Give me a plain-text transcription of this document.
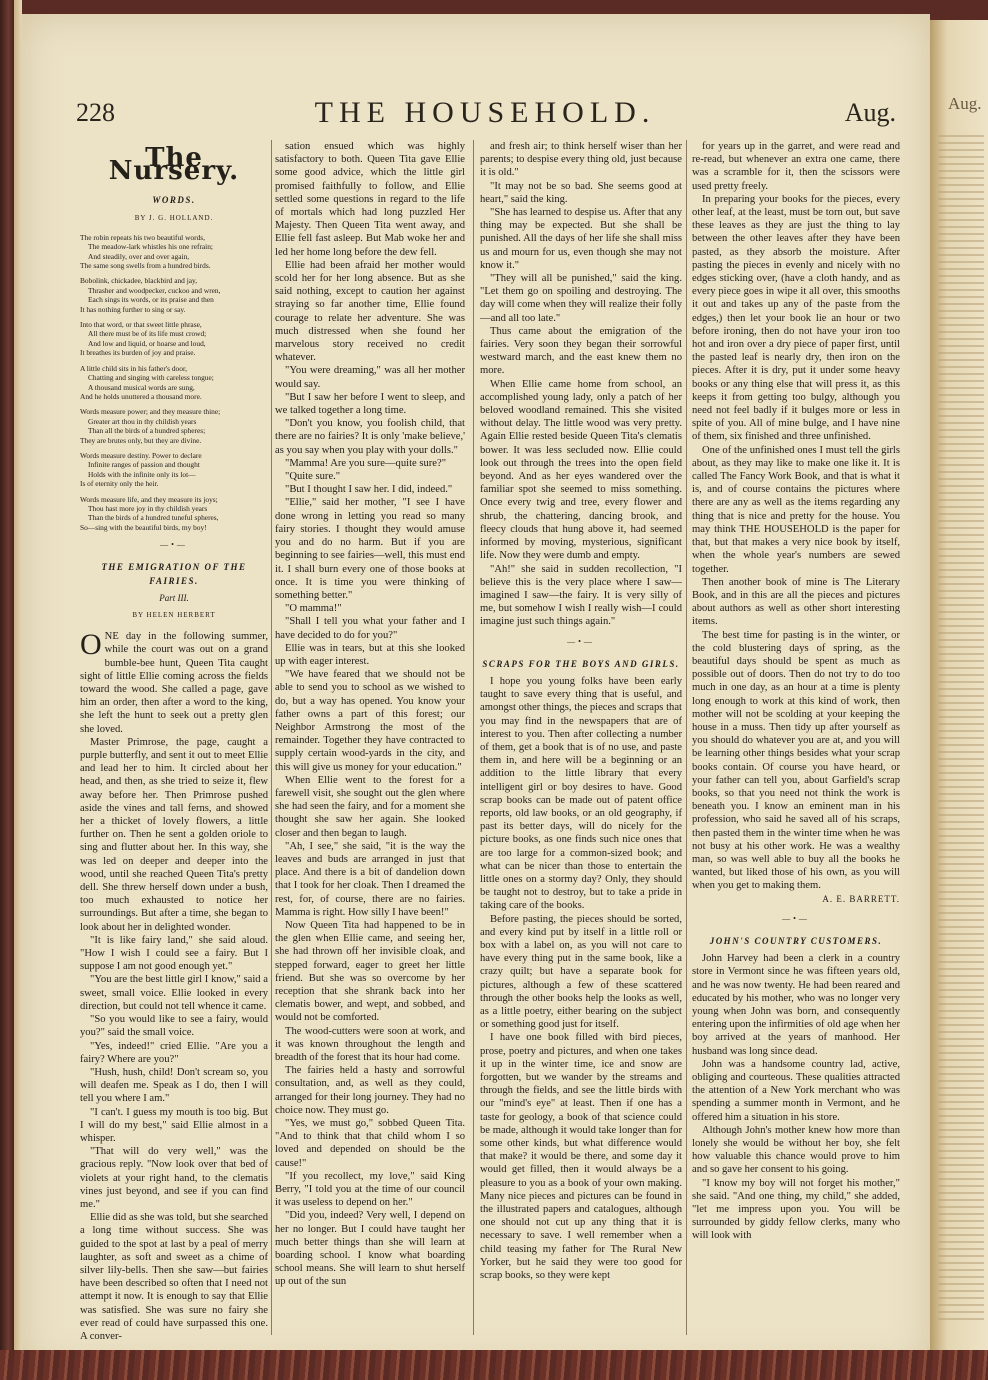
Aug.
228	THE HOUSEHOLD.	Aug.
The Nursery.
WORDS.
BY J. G. HOLLAND.
The robin repeats his two beautiful words,
The meadow-lark whistles his one refrain;
And steadily, over and over again,
The same song swells from a hundred birds.
Bobolink, chickadee, blackbird and jay,
Thrasher and woodpecker, cuckoo and wren,
Each sings its words, or its praise and then
It has nothing further to sing or say.
Into that word, or that sweet little phrase,
All there must be of its life must crowd;
And low and liquid, or hoarse and loud,
It breathes its burden of joy and praise.
A little child sits in his father's door,
Chatting and singing with careless tongue;
A thousand musical words are sung,
And he holds unuttered a thousand more.
Words measure power; and they measure thine;
Greater art thou in thy childish years
Than all the birds of a hundred spheres;
They are brutes only, but they are divine.
Words measure destiny. Power to declare
Infinite ranges of passion and thought
Holds with the infinite only its lot—
Is of eternity only the heir.
Words measure life, and they measure its joys;
Thou hast more joy in thy childish years
Than the birds of a hundred tuneful spheres,
So—sing with the beautiful birds, my boy!
—•—
THE EMIGRATION OF THE FAIRIES.
Part III.
BY HELEN HERBERT

ONE day in the following summer, while the court was out on a grand bumble-bee hunt, Queen Tita caught sight of little Ellie coming across the fields toward the wood. She called a page, gave him an order, then after a word to the king, she left the hunt to seek out a pretty glen she loved.

Master Primrose, the page, caught a purple butterfly, and sent it out to meet Ellie and lead her to him. It circled about her head, and then, as she tried to seize it, flew away before her. Then Primrose pushed aside the vines and tall ferns, and showed her a thicket of lovely flowers, a little further on. Then he sent a golden oriole to sing and flutter about her. In this way, she was led on deeper and deeper into the wood, until she reached Queen Tita's pretty dell. She threw herself down under a bush, too much exhausted to notice her surroundings. But after a time, she began to look about her in delighted wonder.

"It is like fairy land," she said aloud. "How I wish I could see a fairy. But I suppose I am not good enough yet."

"You are the best little girl I know," said a sweet, small voice. Ellie looked in every direction, but could not tell whence it came.

"So you would like to see a fairy, would you?" said the small voice.

"Yes, indeed!" cried Ellie. "Are you a fairy? Where are you?"

"Hush, hush, child! Don't scream so, you will deafen me. Speak as I do, then I will tell you where I am."

"I can't. I guess my mouth is too big. But I will do my best," said Ellie almost in a whisper.

"That will do very well," was the gracious reply. "Now look over that bed of violets at your right hand, to the clematis vines just beyond, and see if you can find me."

Ellie did as she was told, but she searched a long time without success. She was guided to the spot at last by a peal of merry laughter, as soft and sweet as a chime of silver lily-bells. Then she saw—but fairies have been described so often that I need not attempt it now. It is enough to say that Ellie was satisfied. She was sure no fairy she ever read of could have surpassed this one. A conver-

sation ensued which was highly satisfactory to both. Queen Tita gave Ellie some good advice, which the little girl promised faithfully to follow, and Ellie settled some questions in regard to the life of mortals which had long puzzled Her Majesty. Then Queen Tita went away, and Ellie fell fast asleep. But Mab woke her and led her home long before the dew fell.

Ellie had been afraid her mother would scold her for her long absence. But as she said nothing, except to caution her against straying so far another time, Ellie found courage to relate her adventure. She was much distressed when she found her marvelous story received no credit whatever.

"You were dreaming," was all her mother would say.

"But I saw her before I went to sleep, and we talked together a long time.

"Don't you know, you foolish child, that there are no fairies? It is only 'make believe,' as you say when you play with your dolls."

"Mamma! Are you sure—quite sure?"

"Quite sure."

"But I thought I saw her. I did, indeed."

"Ellie," said her mother, "I see I have done wrong in letting you read so many fairy stories. I thought they would amuse you and do no harm. But if you are beginning to see fairies—well, this must end it. I shall burn every one of those books at once. It is time you were thinking of something better."

"O mamma!"

"Shall I tell you what your father and I have decided to do for you?"

Ellie was in tears, but at this she looked up with eager interest.

"We have feared that we should not be able to send you to school as we wished to do, but a way has opened. You know your father owns a part of this forest; our Neighbor Armstrong the most of the remainder. Together they have contracted to supply certain wood-yards in the city, and this will give us money for your education."

When Ellie went to the forest for a farewell visit, she sought out the glen where she had seen the fairy, and for a moment she thought she saw her again. She looked closer and then began to laugh.

"Ah, I see," she said, "it is the way the leaves and buds are arranged in just that place. And there is a bit of dandelion down that I took for her cloak. Then I dreamed the rest, for, of course, there are no fairies. Mamma is right. How silly I have been!"

Now Queen Tita had happened to be in the glen when Ellie came, and seeing her, she had thrown off her invisible cloak, and stepped forward, eager to greet her little friend. But she was so overcome by her reception that she shrank back into her clematis bower, and wept, and sobbed, and would not be comforted.

The wood-cutters were soon at work, and it was known throughout the length and breadth of the forest that its hour had come.

The fairies held a hasty and sorrowful consultation, and, as well as they could, arranged for their long journey. They had no choice now. They must go.

"Yes, we must go," sobbed Queen Tita. "And to think that that child whom I so loved and depended on should be the cause!"

"If you recollect, my love," said King Berry, "I told you at the time of our council it was useless to depend on her."

"Did you, indeed? Very well, I depend on her no longer. But I could have taught her much better things than she will learn at boarding school. I know what boarding school means. She will learn to shut herself up out of the sun

and fresh air; to think herself wiser than her parents; to despise every thing old, just because it is old."

"It may not be so bad. She seems good at heart," said the king.

"She has learned to despise us. After that any thing may be expected. But she shall be punished. All the days of her life she shall miss us and mourn for us, even though she may not know it."

"They will all be punished," said the king. "Let them go on spoiling and destroying. The day will come when they will realize their folly—and all too late."

Thus came about the emigration of the fairies. Very soon they began their sorrowful westward march, and the east knew them no more.

When Ellie came home from school, an accomplished young lady, only a patch of her beloved woodland remained. This she visited without delay. The little wood was very pretty. Again Ellie rested beside Queen Tita's clematis bower. It was less secluded now. Ellie could look out through the trees into the open field beyond. And as her eyes wandered over the familiar spot she seemed to miss something. Once every twig and tree, every flower and shrub, the chattering, dancing brook, and fleecy clouds that hung above it, had seemed informed by moving, mysterious, significant life. Now they were dumb and empty.

"Ah!" she said in sudden recollection, "I believe this is the very place where I saw—imagined I saw—the fairy. It is very silly of me, but somehow I wish I really wish—I could imagine just such things again."

—•—
SCRAPS FOR THE BOYS AND GIRLS.

I hope you young folks have been early taught to save every thing that is useful, and amongst other things, the pieces and scraps that you may find in the newspapers that are of interest to you. Then after collecting a number of them, get a book that is of no use, and paste them in, and here will be a beginning or an addition to the little library that every intelligent girl or boy desires to have. Good scrap books can be made out of patent office reports, old law books, or an old geography, if past its better days, will do nicely for the picture books, as one finds such nice ones that are too large for a common-sized book; and what can be nicer than those to entertain the little ones on a stormy day? Only, they should be taught not to destroy, but to take a pride in taking care of the books.

Before pasting, the pieces should be sorted, and every kind put by itself in a little roll or box with a label on, as you will not care to have every thing put in the same book, like a crazy quilt; but have a separate book for pictures, although a few of these scattered through the other books help the looks as well, as a little poetry, either bearing on the subject or something good just for itself.

I have one book filled with bird pieces, prose, poetry and pictures, and when one takes it up in the winter time, ice and snow are forgotten, but we wander by the streams and through the fields, and see the little birds with our "mind's eye" at least. Then if one has a taste for geology, a book of that science could be made, although it would take longer than for some other kinds, but what difference would that make? it would be there, and some day it would get filled, then it would always be a pleasure to you as a book of your own making. Many nice pieces and pictures can be found in the illustrated papers and catalogues, although one should not cut up any thing that it is necessary to save. I well remember when a child teasing my father for The Rural New Yorker, but he said they were too good for scrap books, so they were kept

for years up in the garret, and were read and re-read, but whenever an extra one came, there was a scramble for it, then the scissors were used pretty freely.

In preparing your books for the pieces, every other leaf, at the least, must be torn out, but save these leaves as they are just the thing to lay between the other leaves after they have been pasted, as they absorb the moisture. After pasting the pieces in evenly and nicely with no edges sticking over, (have a cloth handy, and as every piece goes in wipe it all over, this smooths it out and takes up any of the paste from the edges,) then let your book lie an hour or two before ironing, then do not have your iron too hot and iron over a dry piece of paper first, until the pasted leaf is nearly dry, then iron on the pieces. After it is dry, put it under some heavy books or any thing else that will press it, as this keeps it from getting too bulgy, although you need not feel badly if it bulges more or less in spite of you. All of mine bulge, and I have nine of them, six finished and three unfinished.

One of the unfinished ones I must tell the girls about, as they may like to make one like it. It is called The Fancy Work Book, and that is what it is, and of course contains the pictures where there are any as well as the items regarding any thing that is nice and pretty for the house. You may think THE HOUSEHOLD is the paper for that, but that makes a very nice book by itself, when the whole year's numbers are sewed together.

Then another book of mine is The Literary Book, and in this are all the pieces and pictures about authors as well as other short interesting items.

The best time for pasting is in the winter, or the cold blustering days of spring, as the beautiful days should be spent as much as possible out of doors. Then do not try to do too much in one day, as an hour at a time is plenty long enough to work at this kind of work, then mother will not be scolding at your keeping the house in a muss. Then tidy up after yourself as you should do whatever you are at, and you will be learning other things besides what your scrap books contain. Of course you have heard, or your father can tell you, about Garfield's scrap books, so that you need not think the work is beneath you. I know an eminent man in his profession, who said he saved all of his scraps, then pasted them in the winter time when he was not busy at his other work. He was a wealthy man, so was well able to buy all the books he wanted, but liked those of his own, as you will when you get to making them.

A. E. BARRETT.
—•—
JOHN'S COUNTRY CUSTOMERS.

John Harvey had been a clerk in a country store in Vermont since he was fifteen years old, and he was now twenty. He had been reared and educated by his mother, who was no longer very young when John was born, and consequently entering upon the infirmities of old age when her boy arrived at the years of manhood. Her husband was long since dead.

John was a handsome country lad, active, obliging and courteous. These qualities attracted the attention of a New York merchant who was spending a summer month in Vermont, and he offered him a situation in his store.

Although John's mother knew how more than lonely she would be without her boy, she felt how valuable this chance would prove to him and so gave her consent to his going.

"I know my boy will not forget his mother," she said. "And one thing, my child," she added, "let me impress upon you. You will be surrounded by giddy fellow clerks, many who will look with
